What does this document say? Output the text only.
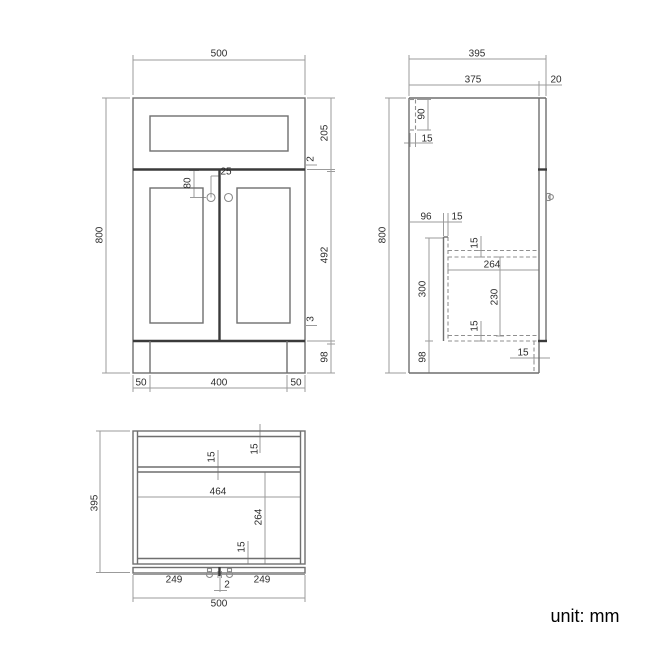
500
800
205
2
492
3
98
80
25
50	400	50
395
375	20
90
15
800
96 15
15
264
230
300
15
98	15
395
15
15
464
264
15
249	2 249
500
unit: mm
